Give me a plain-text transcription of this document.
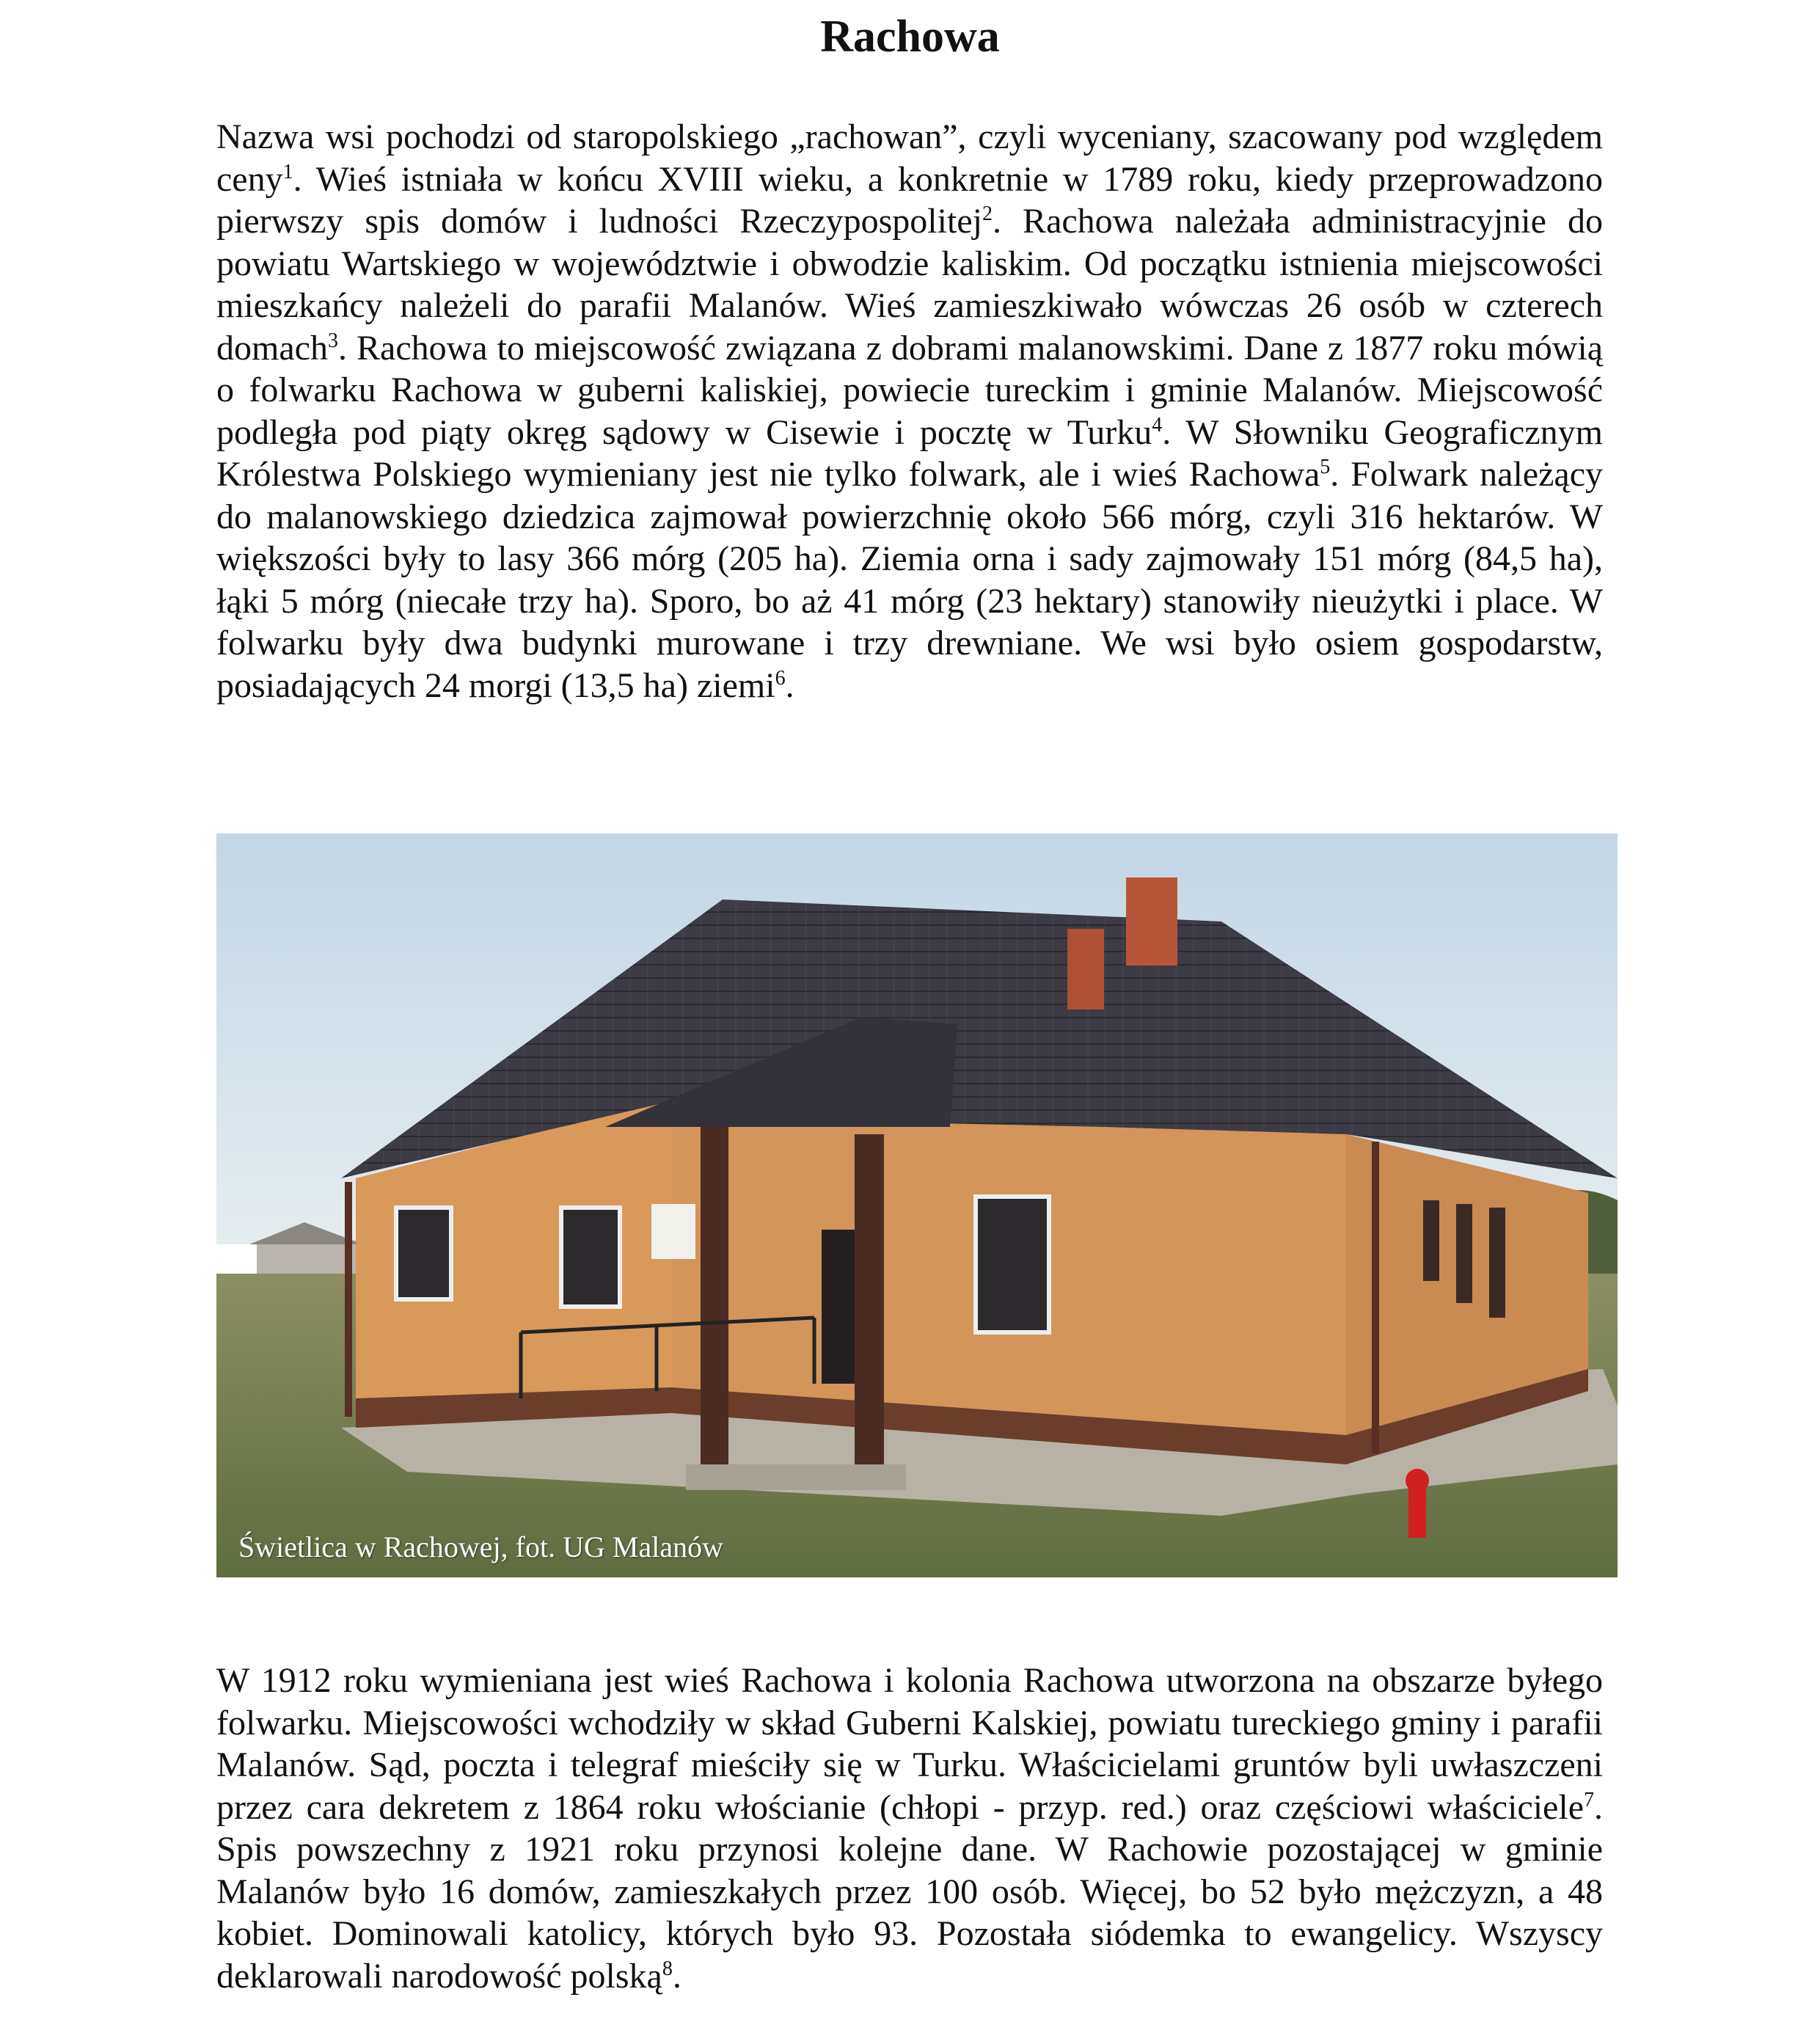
Rachowa

Nazwa wsi pochodzi od staropolskiego „rachowan”, czyli wyceniany, szacowany pod względem ceny$^1$. Wieś istniała w końcu XVIII wieku, a konkretnie w 1789 roku, kiedy przeprowadzono pierwszy spis domów i ludności Rzeczypospolitej$^2$. Rachowa należała administracyjnie do powiatu Wartskiego w województwie i obwodzie kaliskim. Od początku istnienia miejscowości mieszkańcy należeli do parafii Malanów. Wieś zamieszkiwało wówczas 26 osób w czterech domach$^3$. Rachowa to miejscowość związana z dobrami malanowskimi. Dane z 1877 roku mówią o folwarku Rachowa w guberni kaliskiej, powiecie tureckim i gminie Malanów. Miejscowość podległa pod piąty okręg sądowy w Cisewie i pocztę w Turku$^4$. W Słowniku Geograficznym Królestwa Polskiego wymieniany jest nie tylko folwark, ale i wieś Rachowa$^5$. Folwark należący do malanowskiego dziedzica zajmował powierzchnię około 566 mórg, czyli 316 hektarów. W większości były to lasy 366 mórg (205 ha). Ziemia orna i sady zajmowały 151 mórg (84,5 ha), łąki 5 mórg (niecałe trzy ha). Sporo, bo aż 41 mórg (23 hektary) stanowiły nieużytki i place. W folwarku były dwa budynki murowane i trzy drewniane. We wsi było osiem gospodarstw, posiadających 24 morgi (13,5 ha) ziemi$^6$.

Świetlica w Rachowej, fot. UG Malanów

W 1912 roku wymieniana jest wieś Rachowa i kolonia Rachowa utworzona na obszarze byłego folwarku. Miejscowości wchodziły w skład Guberni Kalskiej, powiatu tureckiego gminy i parafii Malanów. Sąd, poczta i telegraf mieściły się w Turku. Właścicielami gruntów byli uwłaszczeni przez cara dekretem z 1864 roku włościanie (chłopi - przyp. red.) oraz częściowi właściciele$^7$. Spis powszechny z 1921 roku przynosi kolejne dane. W Rachowie pozostającej w gminie Malanów było 16 domów, zamieszkałych przez 100 osób. Więcej, bo 52 było mężczyzn, a 48 kobiet. Dominowali katolicy, których było 93. Pozostała siódemka to ewangelicy. Wszyscy deklarowali narodowość polską$^8$.
